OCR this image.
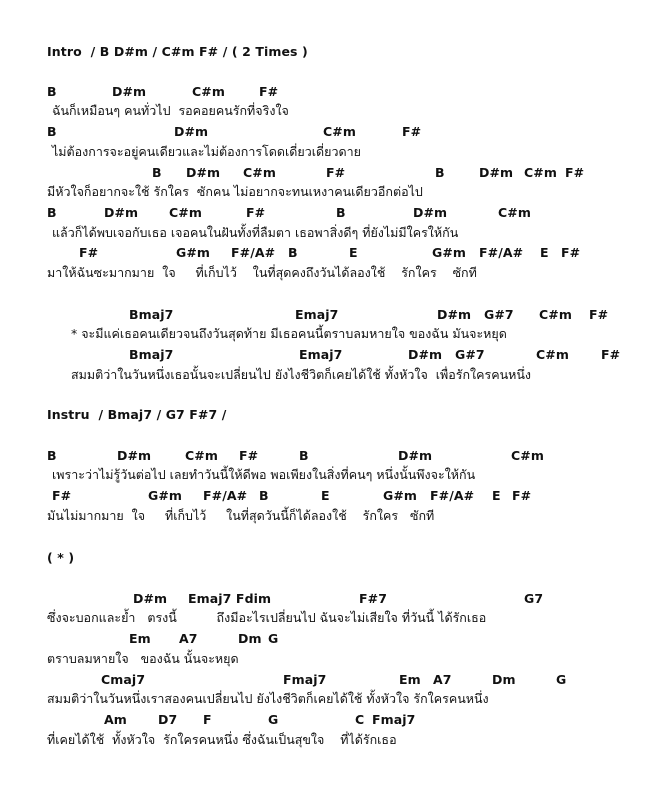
Intro  / B D#m / C#m F# / ( 2 Times )
B	D#m	C#m	F#
ฉันก็เหมือนๆ คนทั่วไป  รอคอยคนรักที่จริงใจ
B	D#m	C#m	F#
ไม่ต้องการจะอยู่คนเดียวและไม่ต้องการโดดเดี่ยวเดี่ยวดาย
B D#m C#m	F#	B	D#m C#m F#
มีหัวใจก็อยากจะใช้ รักใคร  ซักคน ไม่อยากจะทนเหงาคนเดียวอีกต่อไป
B	D#m C#m	F#	B	D#m	C#m
แล้วก็ได้พบเจอกับเธอ เจอคนในฝันทั้งที่ลืมตา เธอพาสิ่งดีๆ ที่ยังไม่มีใครให้กัน
F#	G#m F#/A# B	E	G#m F#/A# E F#
มาให้ฉันซะมากมาย  ใจ     ที่เก็บไว้    ในที่สุดคงถึงวันได้ลองใช้    รักใคร    ซักที
Bmaj7	Emaj7	D#m G#7 C#m F#
* จะมีแค่เธอคนเดียวจนถึงวันสุดท้าย มีเธอคนนี้ตราบลมหายใจ ของฉัน มันจะหยุด
Bmaj7	Emaj7	D#m G#7	C#m	F#
สมมติว่าในวันหนึ่งเธอนั้นจะเปลี่ยนไป ยังไงชีวิตก็เคยได้ใช้ ทั้งหัวใจ  เพื่อรักใครคนหนึ่ง
Instru  / Bmaj7 / G7 F#7 /
B	D#m	C#m F#	B	D#m	C#m
เพราะว่าไม่รู้วันต่อไป เลยทำวันนี้ให้ดีพอ พอเพียงในสิ่งที่คนๆ หนึ่งนั้นพึงจะให้กัน
F#	G#m F#/A# B	E	G#m F#/A# E F#
มันไม่มากมาย  ใจ     ที่เก็บไว้     ในที่สุดวันนี้ก็ได้ลองใช้    รักใคร   ซักที
( * )
D#m Emaj7 Fdim	F#7	G7
ซึ่งจะบอกและย้ำ   ตรงนี้          ถึงมีอะไรเปลี่ยนไป ฉันจะไม่เสียใจ ที่วันนี้ ได้รักเธอ
Em A7	Dm G
ตราบลมหายใจ   ของฉัน นั้นจะหยุด
Cmaj7	Fmaj7	Em A7	Dm	G
สมมติว่าในวันหนึ่งเราสองคนเปลี่ยนไป ยังไงชีวิตก็เคยได้ใช้ ทั้งหัวใจ รักใครคนหนึ่ง
Am D7 F	G	C Fmaj7
ที่เคยได้ใช้  ทั้งหัวใจ  รักใครคนหนึ่ง ซึ่งฉันเป็นสุขใจ    ที่ได้รักเธอ
